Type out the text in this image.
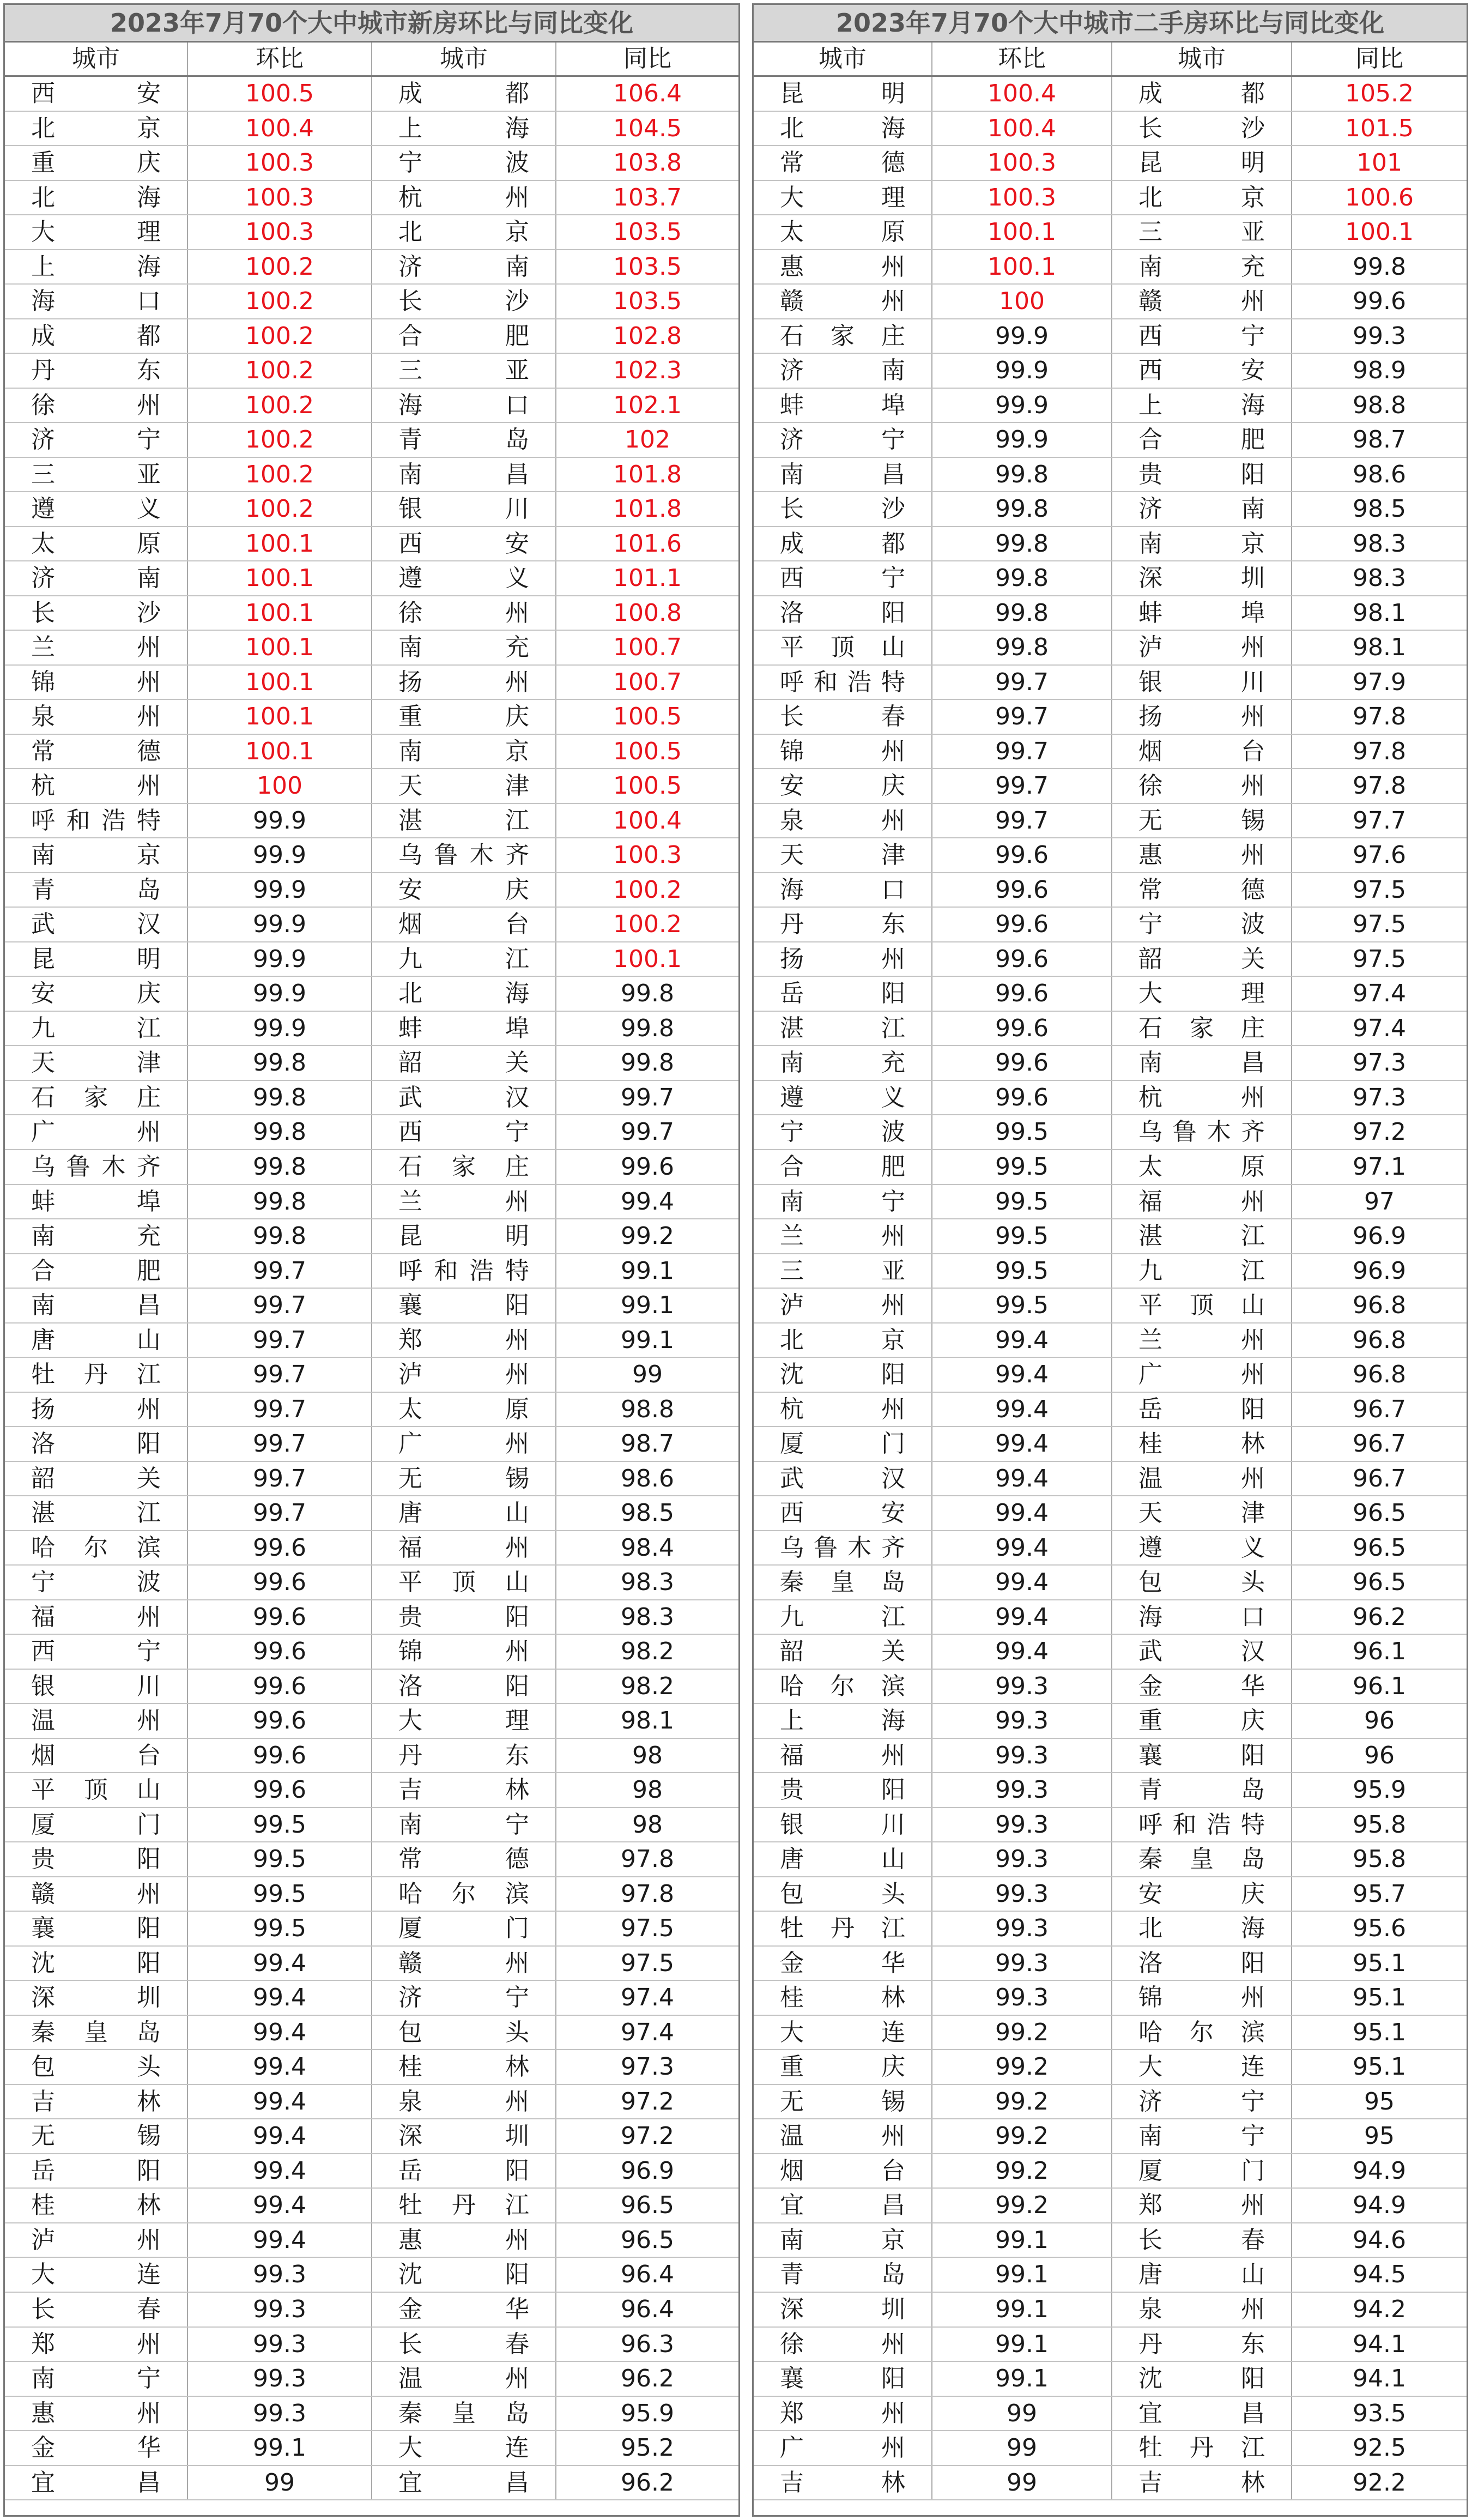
2023年7月70个大中城市新房环比与同比变化
城市	环比	城市	同比
西安	100.5	成都	106.4
北京	100.4	上海	104.5
重庆	100.3	宁波	103.8
北海	100.3	杭州	103.7
大理	100.3	北京	103.5
上海	100.2	济南	103.5
海口	100.2	长沙	103.5
成都	100.2	合肥	102.8
丹东	100.2	三亚	102.3
徐州	100.2	海口	102.1
济宁	100.2	青岛	102
三亚	100.2	南昌	101.8
遵义	100.2	银川	101.8
太原	100.1	西安	101.6
济南	100.1	遵义	101.1
长沙	100.1	徐州	100.8
兰州	100.1	南充	100.7
锦州	100.1	扬州	100.7
泉州	100.1	重庆	100.5
常德	100.1	南京	100.5
杭州	100	天津	100.5
呼和浩特	99.9	湛江	100.4
南京	99.9	乌鲁木齐	100.3
青岛	99.9	安庆	100.2
武汉	99.9	烟台	100.2
昆明	99.9	九江	100.1
安庆	99.9	北海	99.8
九江	99.9	蚌埠	99.8
天津	99.8	韶关	99.8
石家庄	99.8	武汉	99.7
广州	99.8	西宁	99.7
乌鲁木齐	99.8	石家庄	99.6
蚌埠	99.8	兰州	99.4
南充	99.8	昆明	99.2
合肥	99.7	呼和浩特	99.1
南昌	99.7	襄阳	99.1
唐山	99.7	郑州	99.1
牡丹江	99.7	泸州	99
扬州	99.7	太原	98.8
洛阳	99.7	广州	98.7
韶关	99.7	无锡	98.6
湛江	99.7	唐山	98.5
哈尔滨	99.6	福州	98.4
宁波	99.6	平顶山	98.3
福州	99.6	贵阳	98.3
西宁	99.6	锦州	98.2
银川	99.6	洛阳	98.2
温州	99.6	大理	98.1
烟台	99.6	丹东	98
平顶山	99.6	吉林	98
厦门	99.5	南宁	98
贵阳	99.5	常德	97.8
赣州	99.5	哈尔滨	97.8
襄阳	99.5	厦门	97.5
沈阳	99.4	赣州	97.5
深圳	99.4	济宁	97.4
秦皇岛	99.4	包头	97.4
包头	99.4	桂林	97.3
吉林	99.4	泉州	97.2
无锡	99.4	深圳	97.2
岳阳	99.4	岳阳	96.9
桂林	99.4	牡丹江	96.5
泸州	99.4	惠州	96.5
大连	99.3	沈阳	96.4
长春	99.3	金华	96.4
郑州	99.3	长春	96.3
南宁	99.3	温州	96.2
惠州	99.3	秦皇岛	95.9
金华	99.1	大连	95.2
宜昌	99	宜昌	96.2
2023年7月70个大中城市二手房环比与同比变化
城市	环比	城市	同比
昆明	100.4	成都	105.2
北海	100.4	长沙	101.5
常德	100.3	昆明	101
大理	100.3	北京	100.6
太原	100.1	三亚	100.1
惠州	100.1	南充	99.8
赣州	100	赣州	99.6
石家庄	99.9	西宁	99.3
济南	99.9	西安	98.9
蚌埠	99.9	上海	98.8
济宁	99.9	合肥	98.7
南昌	99.8	贵阳	98.6
长沙	99.8	济南	98.5
成都	99.8	南京	98.3
西宁	99.8	深圳	98.3
洛阳	99.8	蚌埠	98.1
平顶山	99.8	泸州	98.1
呼和浩特	99.7	银川	97.9
长春	99.7	扬州	97.8
锦州	99.7	烟台	97.8
安庆	99.7	徐州	97.8
泉州	99.7	无锡	97.7
天津	99.6	惠州	97.6
海口	99.6	常德	97.5
丹东	99.6	宁波	97.5
扬州	99.6	韶关	97.5
岳阳	99.6	大理	97.4
湛江	99.6	石家庄	97.4
南充	99.6	南昌	97.3
遵义	99.6	杭州	97.3
宁波	99.5	乌鲁木齐	97.2
合肥	99.5	太原	97.1
南宁	99.5	福州	97
兰州	99.5	湛江	96.9
三亚	99.5	九江	96.9
泸州	99.5	平顶山	96.8
北京	99.4	兰州	96.8
沈阳	99.4	广州	96.8
杭州	99.4	岳阳	96.7
厦门	99.4	桂林	96.7
武汉	99.4	温州	96.7
西安	99.4	天津	96.5
乌鲁木齐	99.4	遵义	96.5
秦皇岛	99.4	包头	96.5
九江	99.4	海口	96.2
韶关	99.4	武汉	96.1
哈尔滨	99.3	金华	96.1
上海	99.3	重庆	96
福州	99.3	襄阳	96
贵阳	99.3	青岛	95.9
银川	99.3	呼和浩特	95.8
唐山	99.3	秦皇岛	95.8
包头	99.3	安庆	95.7
牡丹江	99.3	北海	95.6
金华	99.3	洛阳	95.1
桂林	99.3	锦州	95.1
大连	99.2	哈尔滨	95.1
重庆	99.2	大连	95.1
无锡	99.2	济宁	95
温州	99.2	南宁	95
烟台	99.2	厦门	94.9
宜昌	99.2	郑州	94.9
南京	99.1	长春	94.6
青岛	99.1	唐山	94.5
深圳	99.1	泉州	94.2
徐州	99.1	丹东	94.1
襄阳	99.1	沈阳	94.1
郑州	99	宜昌	93.5
广州	99	牡丹江	92.5
吉林	99	吉林	92.2
